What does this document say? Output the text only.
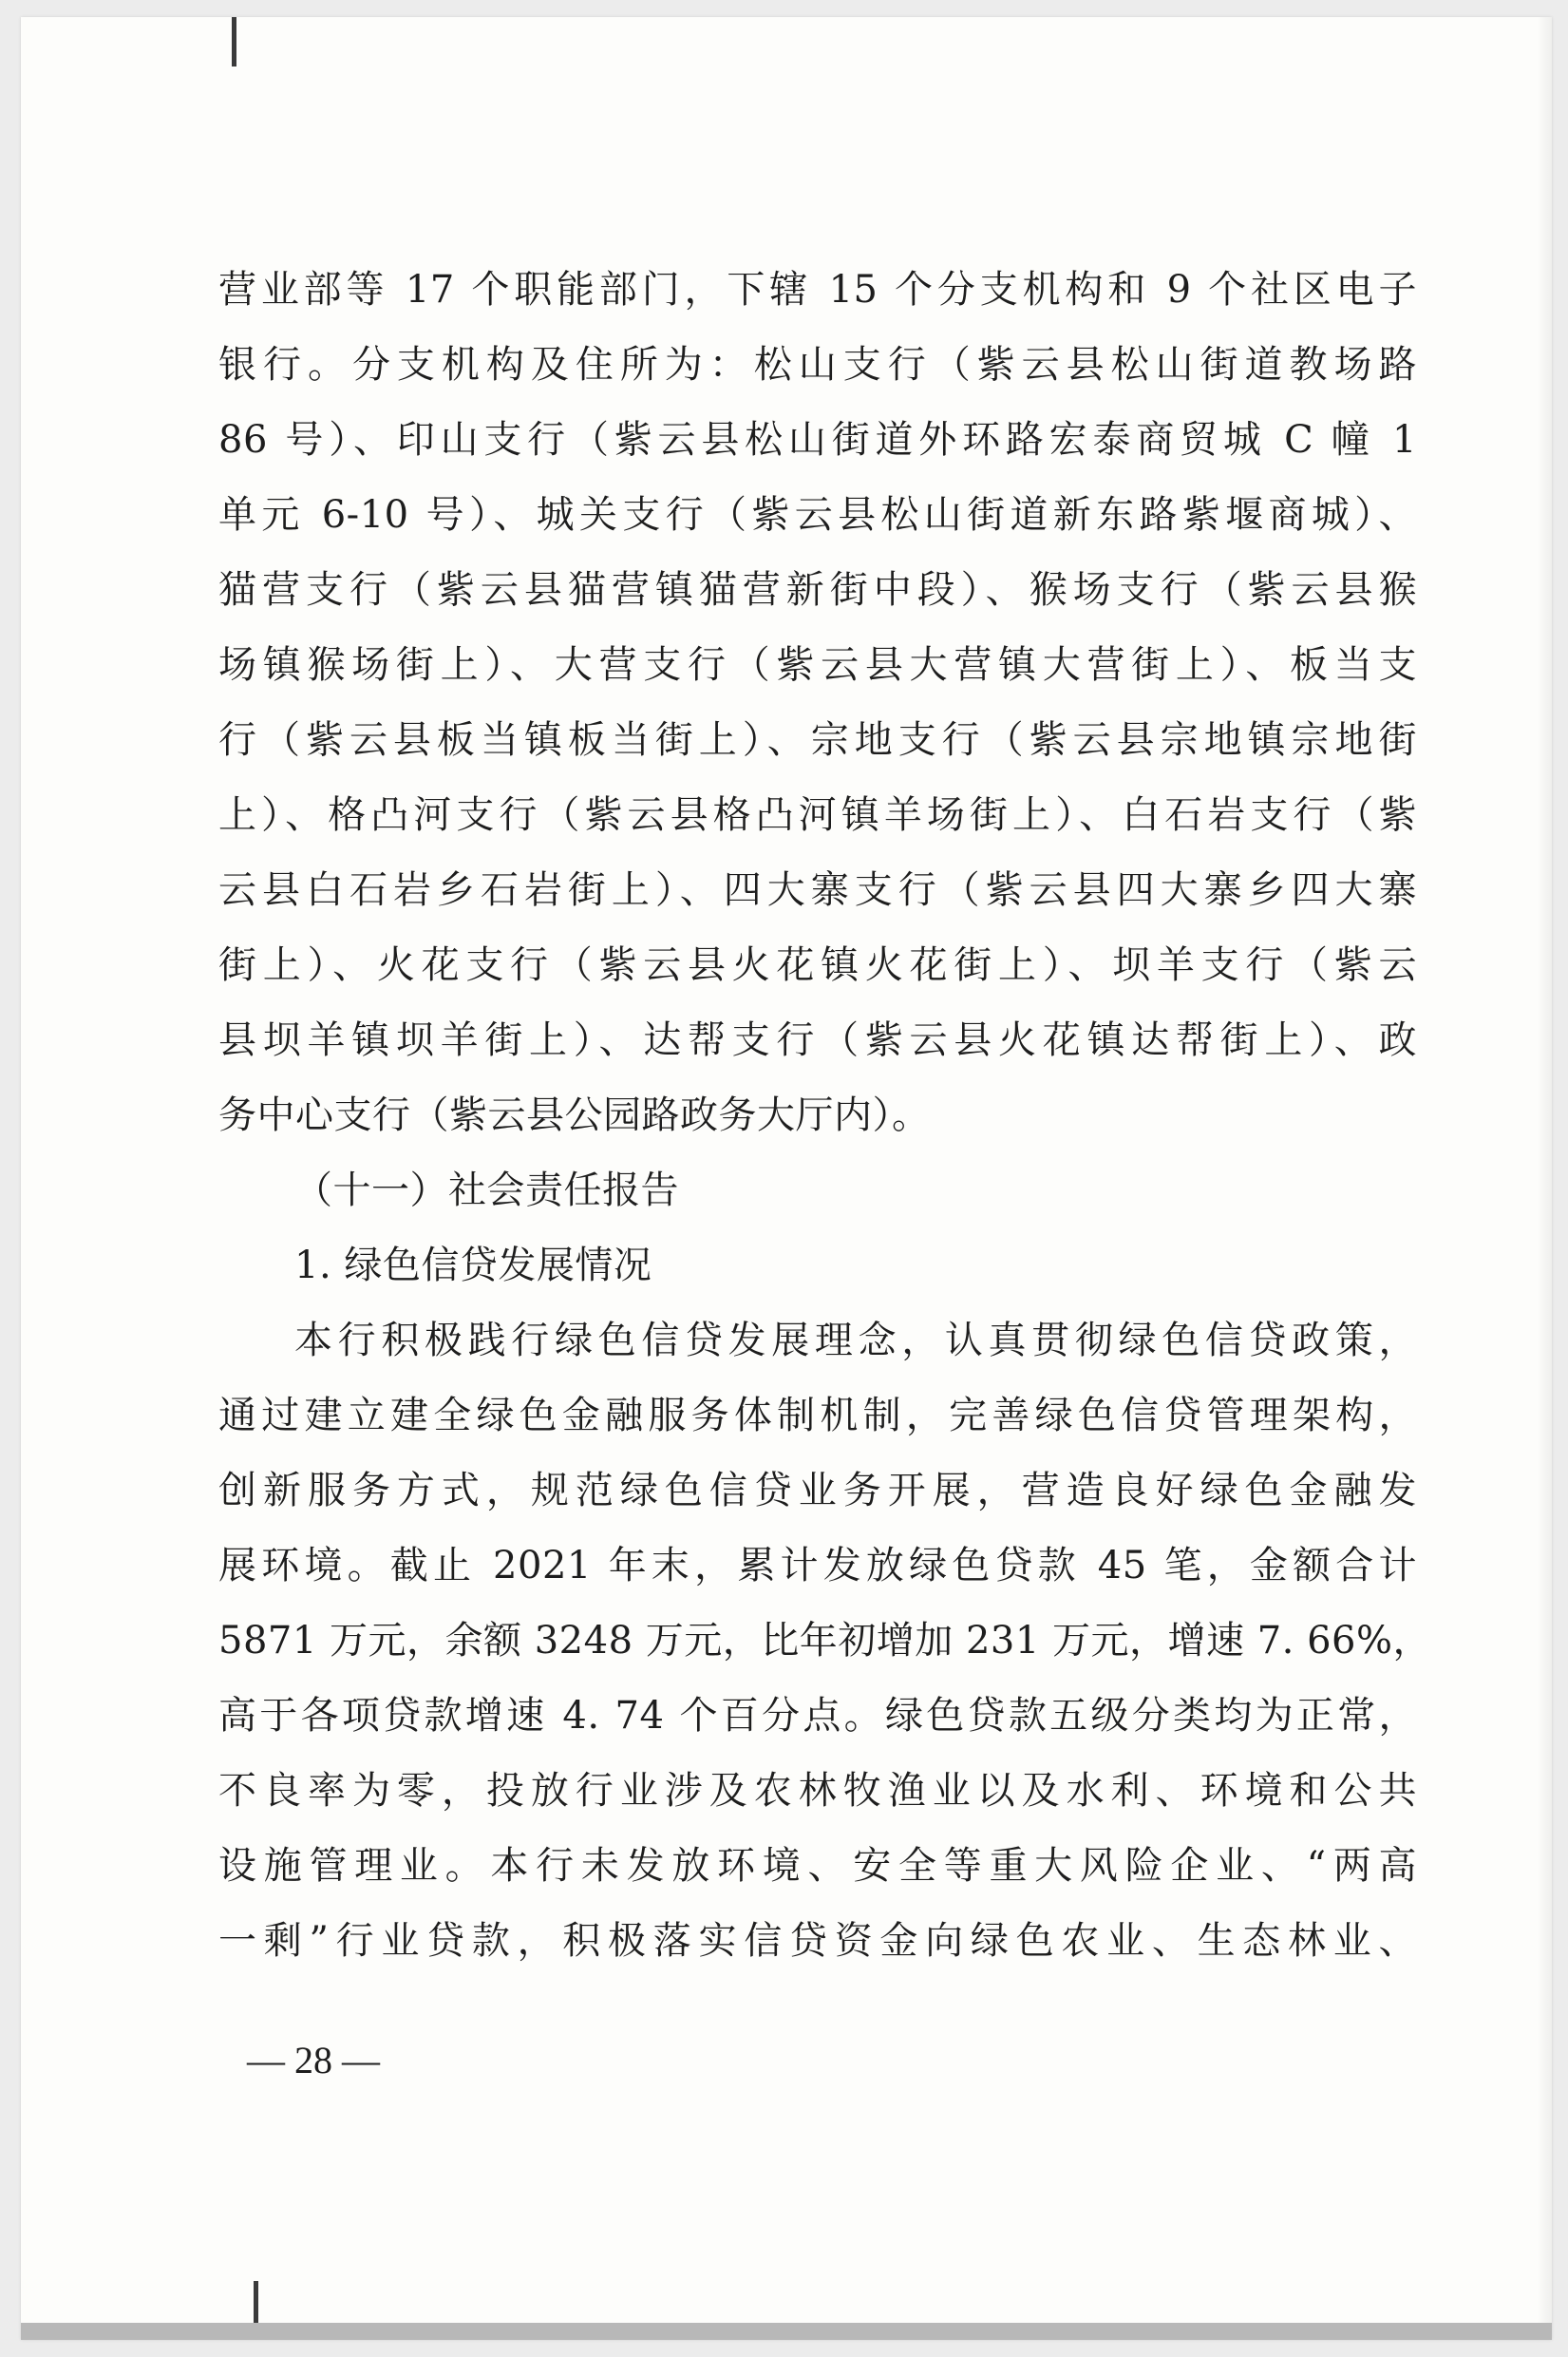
营业部等 17 个职能部门，下辖 15 个分支机构和 9 个社区电子
银行。分支机构及住所为：松山支行（紫云县松山街道教场路
86 号）、印山支行（紫云县松山街道外环路宏泰商贸城 C 幢 1
单元 6-10 号）、城关支行（紫云县松山街道新东路紫堰商城）、
猫营支行（紫云县猫营镇猫营新街中段）、猴场支行（紫云县猴
场镇猴场街上）、大营支行（紫云县大营镇大营街上）、板当支
行（紫云县板当镇板当街上）、宗地支行（紫云县宗地镇宗地街
上）、格凸河支行（紫云县格凸河镇羊场街上）、白石岩支行（紫
云县白石岩乡石岩街上）、四大寨支行（紫云县四大寨乡四大寨
街上）、火花支行（紫云县火花镇火花街上）、坝羊支行（紫云
县坝羊镇坝羊街上）、达帮支行（紫云县火花镇达帮街上）、政
务中心支行（紫云县公园路政务大厅内）。
（十一）社会责任报告
1. 绿色信贷发展情况
本行积极践行绿色信贷发展理念，认真贯彻绿色信贷政策，
通过建立建全绿色金融服务体制机制，完善绿色信贷管理架构，
创新服务方式，规范绿色信贷业务开展，营造良好绿色金融发
展环境。截止 2021 年末，累计发放绿色贷款 45 笔，金额合计
5871 万元，余额 3248 万元，比年初增加 231 万元，增速 7. 66%，
高于各项贷款增速 4. 74 个百分点。绿色贷款五级分类均为正常，
不良率为零，投放行业涉及农林牧渔业以及水利、环境和公共
设施管理业。本行未发放环境、安全等重大风险企业、“两高
一剩”行业贷款，积极落实信贷资金向绿色农业、生态林业、
— 28 —
